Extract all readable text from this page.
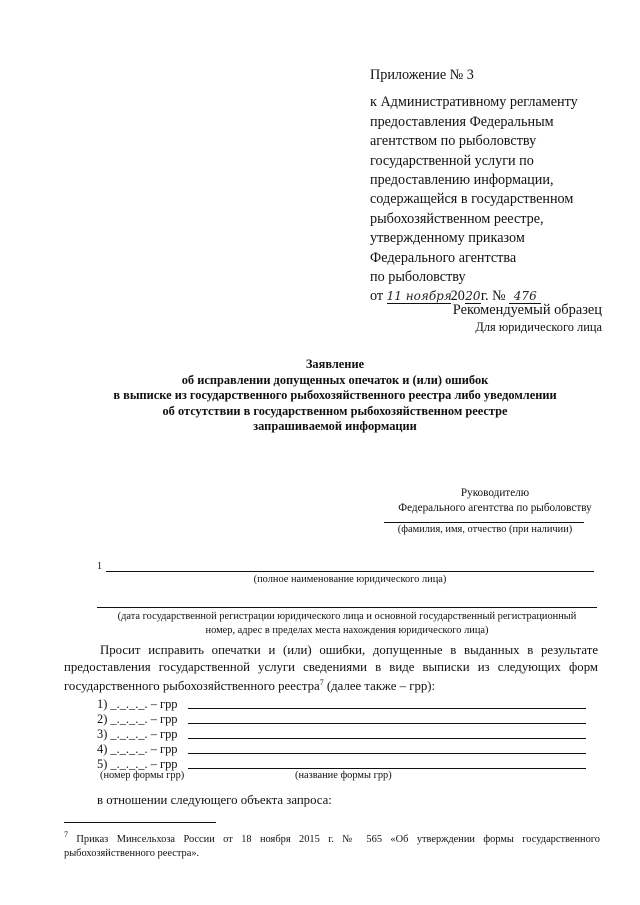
Приложение № 3
к Административному регламенту
предоставления Федеральным
агентством по рыболовству
государственной услуги по
предоставлению информации,
содержащейся в государственном
рыбохозяйственном реестре,
утвержденному приказом
Федерального агентства
по рыболовству
от 11 ноября2020г. № 476
Рекомендуемый образец
Для юридического лица
Заявление
об исправлении допущенных опечаток и (или) ошибок
в выписке из государственного рыбохозяйственного реестра либо уведомлении
об отсутствии в государственном рыбохозяйственном реестре
запрашиваемой информации
Руководителю
Федерального агентства по рыболовству
(фамилия, имя, отчество (при наличии)
1
(полное наименование юридического лица)
(дата государственной регистрации юридического лица и основной государственный регистрационный
номер, адрес в пределах места нахождения юридического лица)
Просит исправить опечатки и (или) ошибки, допущенные в выданных в результате предоставления государственной услуги сведениями в виде выписки из следующих форм государственного рыбохозяйственного реестра$^7$ (далее также – грр):
1) _._._._. – грр
2) _._._._. – грр
3) _._._._. – грр
4) _._._._. – грр
5) _._._._. – грр
(номер формы грр)	(название формы грр)
в отношении следующего объекта запроса:
$^7$ Приказ Минсельхоза России от 18 ноября 2015 г. № 565 «Об утверждении формы государственного рыбохозяйственного реестра».
